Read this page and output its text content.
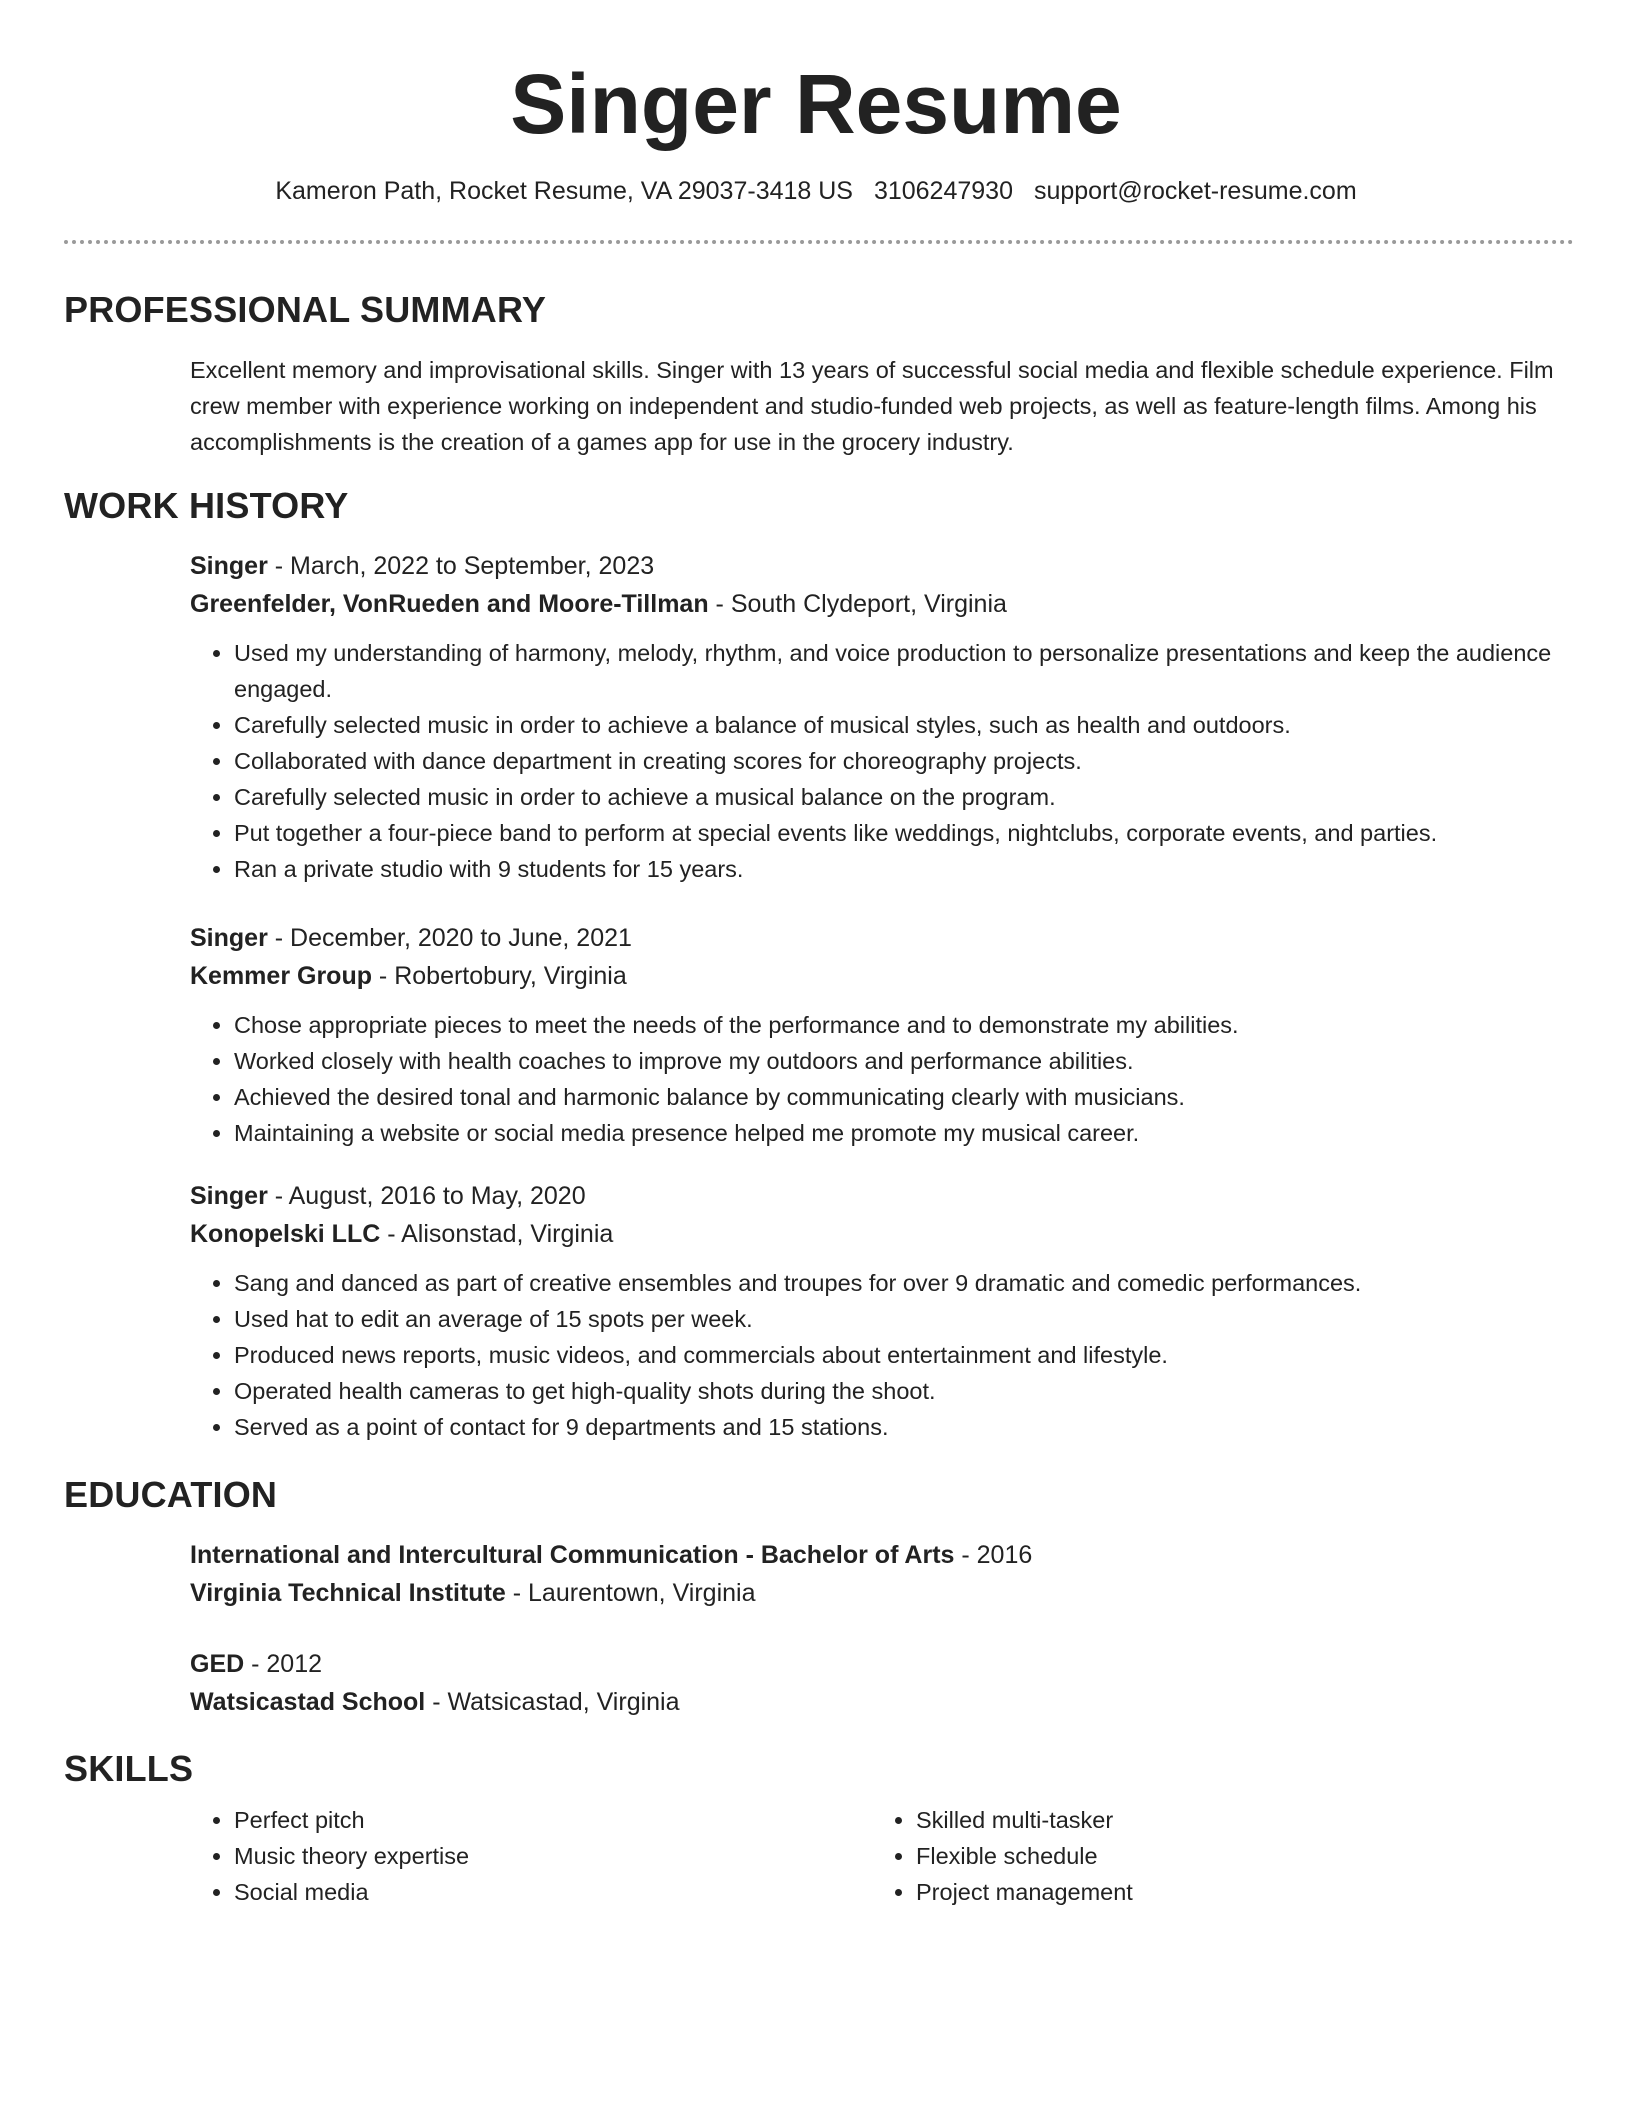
Singer Resume
Kameron Path, Rocket Resume, VA 29037-3418 US 3106247930 support@rocket-resume.com
PROFESSIONAL SUMMARY

Excellent memory and improvisational skills. Singer with 13 years of successful social media and flexible schedule experience. Film crew member with experience working on independent and studio-funded web projects, as well as feature-length films. Among his accomplishments is the creation of a games app for use in the grocery industry.

WORK HISTORY

Singer - March, 2022 to September, 2023

Greenfelder, VonRueden and Moore-Tillman - South Clydeport, Virginia

• Used my understanding of harmony, melody, rhythm, and voice production to personalize presentations and keep the audience engaged.
• Carefully selected music in order to achieve a balance of musical styles, such as health and outdoors.
• Collaborated with dance department in creating scores for choreography projects.
• Carefully selected music in order to achieve a musical balance on the program.
• Put together a four-piece band to perform at special events like weddings, nightclubs, corporate events, and parties.
• Ran a private studio with 9 students for 15 years.

Singer - December, 2020 to June, 2021

Kemmer Group - Robertobury, Virginia

• Chose appropriate pieces to meet the needs of the performance and to demonstrate my abilities.
• Worked closely with health coaches to improve my outdoors and performance abilities.
• Achieved the desired tonal and harmonic balance by communicating clearly with musicians.
• Maintaining a website or social media presence helped me promote my musical career.

Singer - August, 2016 to May, 2020

Konopelski LLC - Alisonstad, Virginia

• Sang and danced as part of creative ensembles and troupes for over 9 dramatic and comedic performances.
• Used hat to edit an average of 15 spots per week.
• Produced news reports, music videos, and commercials about entertainment and lifestyle.
• Operated health cameras to get high-quality shots during the shoot.
• Served as a point of contact for 9 departments and 15 stations.
EDUCATION

International and Intercultural Communication - Bachelor of Arts - 2016

Virginia Technical Institute - Laurentown, Virginia

GED - 2012

Watsicastad School - Watsicastad, Virginia

SKILLS
• Perfect pitch
• Music theory expertise
• Social media
• Skilled multi-tasker
• Flexible schedule
• Project management
